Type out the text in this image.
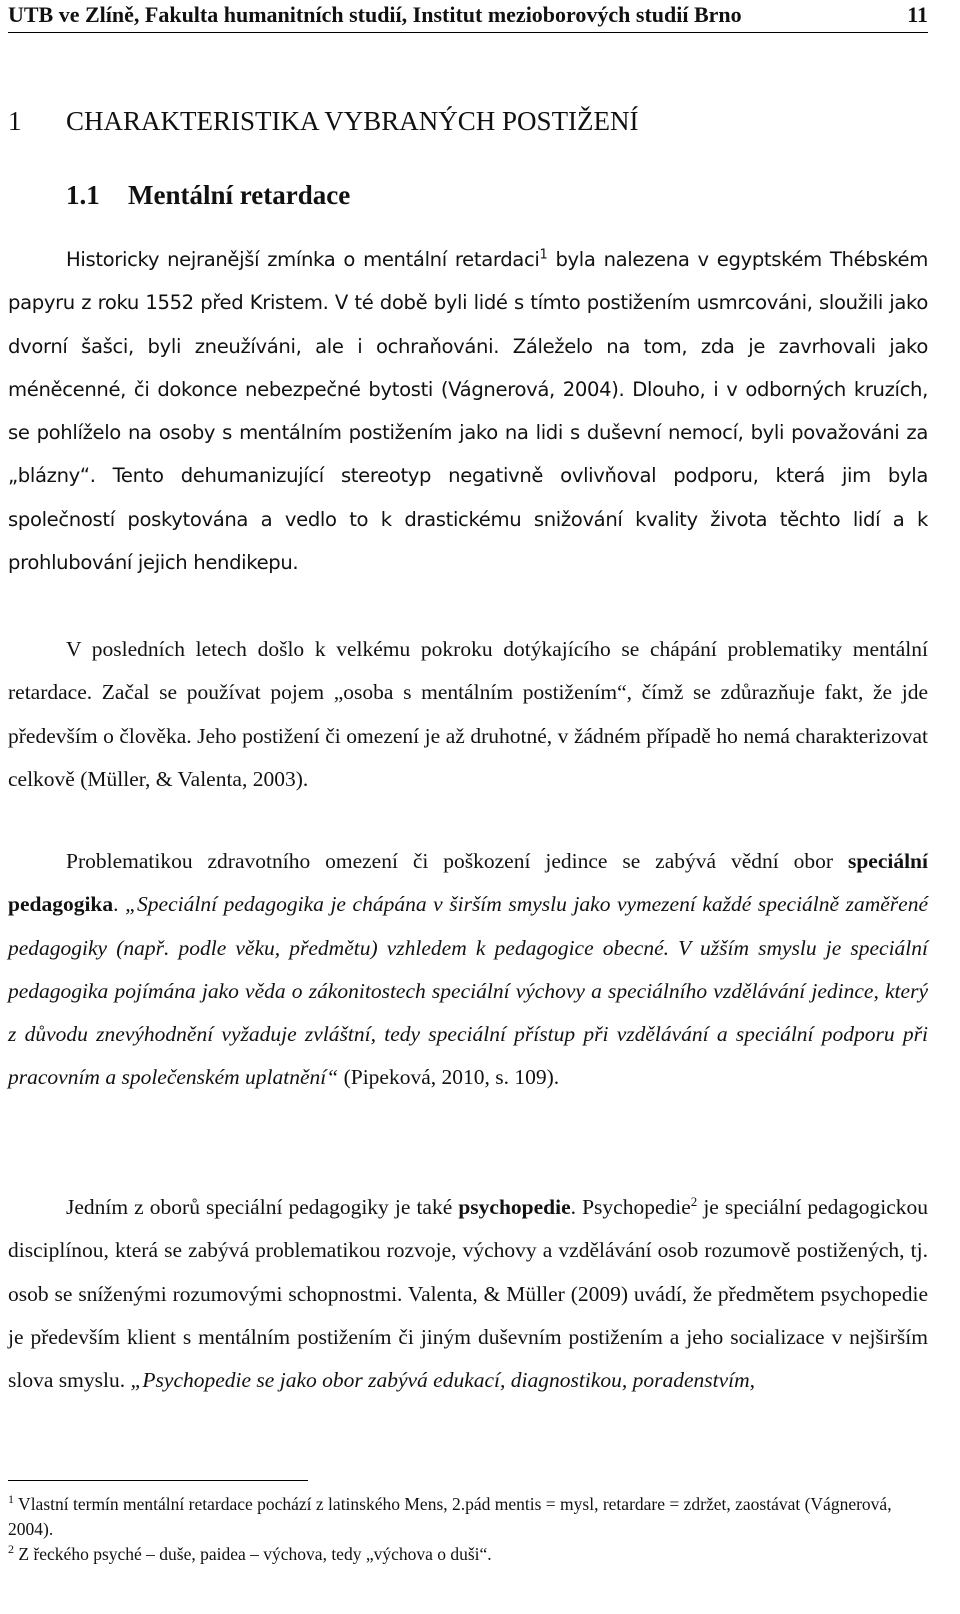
UTB ve Zlíně, Fakulta humanitních studií, Institut mezioborových studií Brno	11
1 CHARAKTERISTIKA VYBRANÝCH POSTIŽENÍ
1.1 Mentální retardace

Historicky nejranější zmínka o mentální retardaci$^1$ byla nalezena v egyptském Thébském papyru z roku 1552 před Kristem. V té době byli lidé s tímto postižením usmrcováni, sloužili jako dvorní šašci, byli zneužíváni, ale i ochraňováni. Záleželo na tom, zda je zavrhovali jako méněcenné, či dokonce nebezpečné bytosti (Vágnerová, 2004). Dlouho, i v odborných kruzích, se pohlíželo na osoby s mentálním postižením jako na lidi s duševní nemocí, byli považováni za „blázny“. Tento dehumanizující stereotyp negativně ovlivňoval podporu, která jim byla společností poskytována a vedlo to k drastickému snižování kvality života těchto lidí a k prohlubování jejich hendikepu.

V posledních letech došlo k velkému pokroku dotýkajícího se chápání problematiky mentální retardace. Začal se používat pojem „osoba s mentálním postižením“, čímž se zdůrazňuje fakt, že jde především o člověka. Jeho postižení či omezení je až druhotné, v žádném případě ho nemá charakterizovat celkově (Müller, & Valenta, 2003).

Problematikou zdravotního omezení či poškození jedince se zabývá vědní obor speciální pedagogika. „Speciální pedagogika je chápána v širším smyslu jako vymezení každé speciálně zaměřené pedagogiky (např. podle věku, předmětu) vzhledem k pedagogice obecné. V užším smyslu je speciální pedagogika pojímána jako věda o zákonitostech speciální výchovy a speciálního vzdělávání jedince, který z důvodu znevýhodnění vyžaduje zvláštní, tedy speciální přístup při vzdělávání a speciální podporu při pracovním a společenském uplatnění“ (Pipeková, 2010, s. 109).

Jedním z oborů speciální pedagogiky je také psychopedie. Psychopedie$^2$ je speciální pedagogickou disciplínou, která se zabývá problematikou rozvoje, výchovy a vzdělávání osob rozumově postižených, tj. osob se sníženými rozumovými schopnostmi. Valenta, & Müller (2009) uvádí, že předmětem psychopedie je především klient s mentálním postižením či jiným duševním postižením a jeho socializace v nejširším slova smyslu. „Psychopedie se jako obor zabývá edukací, diagnostikou, poradenstvím,

$^1$ Vlastní termín mentální retardace pochází z latinského Mens, 2.pád mentis = mysl, retardare = zdržet, zaostávat (Vágnerová, 2004).

$^2$ Z řeckého psyché – duše, paidea – výchova, tedy „výchova o duši“.
